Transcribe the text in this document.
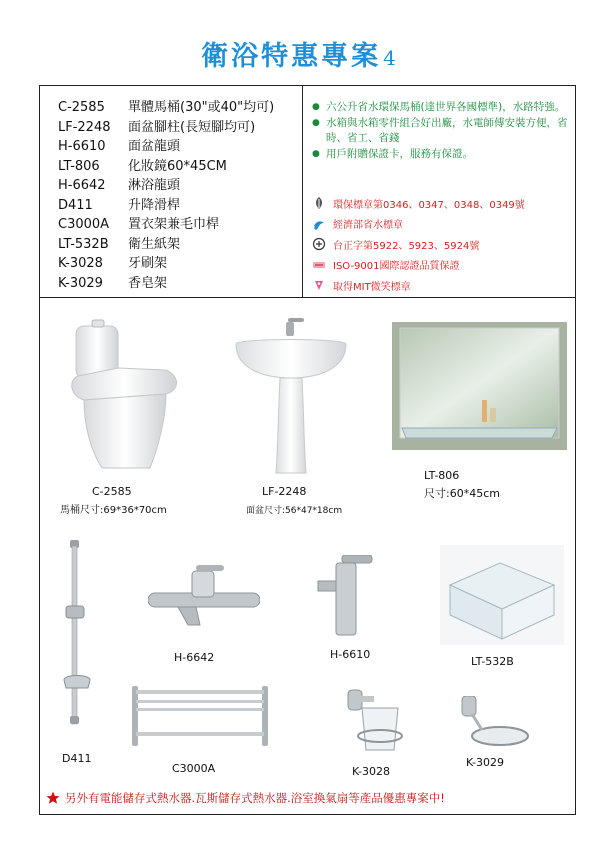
衛浴特惠專案 4
C-2585	單體馬桶(30"或40"均可)
LF-2248	面盆腳柱(長短腳均可)
H-6610	面盆龍頭
LT-806	化妝鏡60*45CM
H-6642	淋浴龍頭
D411	升降滑桿
C3000A	置衣架兼毛巾桿
LT-532B	衛生紙架
K-3028	牙刷架
K-3029	香皂架
● 六公升省水環保馬桶(達世界各國標準)，水路特強。
● 水箱與水箱零件組合好出廠，水電師傅安裝方便，省時、省工、省錢
● 用戶附贈保證卡，服務有保證。
環保標章第0346、0347、0348、0349號
經濟部省水標章
台正字第5922、5923、5924號
ISO-9001國際認證品質保證
取得MIT微笑標章
C-2585
馬桶尺寸:69*36*70cm
LF-2248
面盆尺寸:56*47*18cm
LT-806
尺寸:60*45cm
H-6642	H-6610
LT-532B
D411
C3000A	K-3028
K-3029
另外有電能儲存式熱水器.瓦斯儲存式熱水器.浴室換氣扇等產品優惠專案中!
